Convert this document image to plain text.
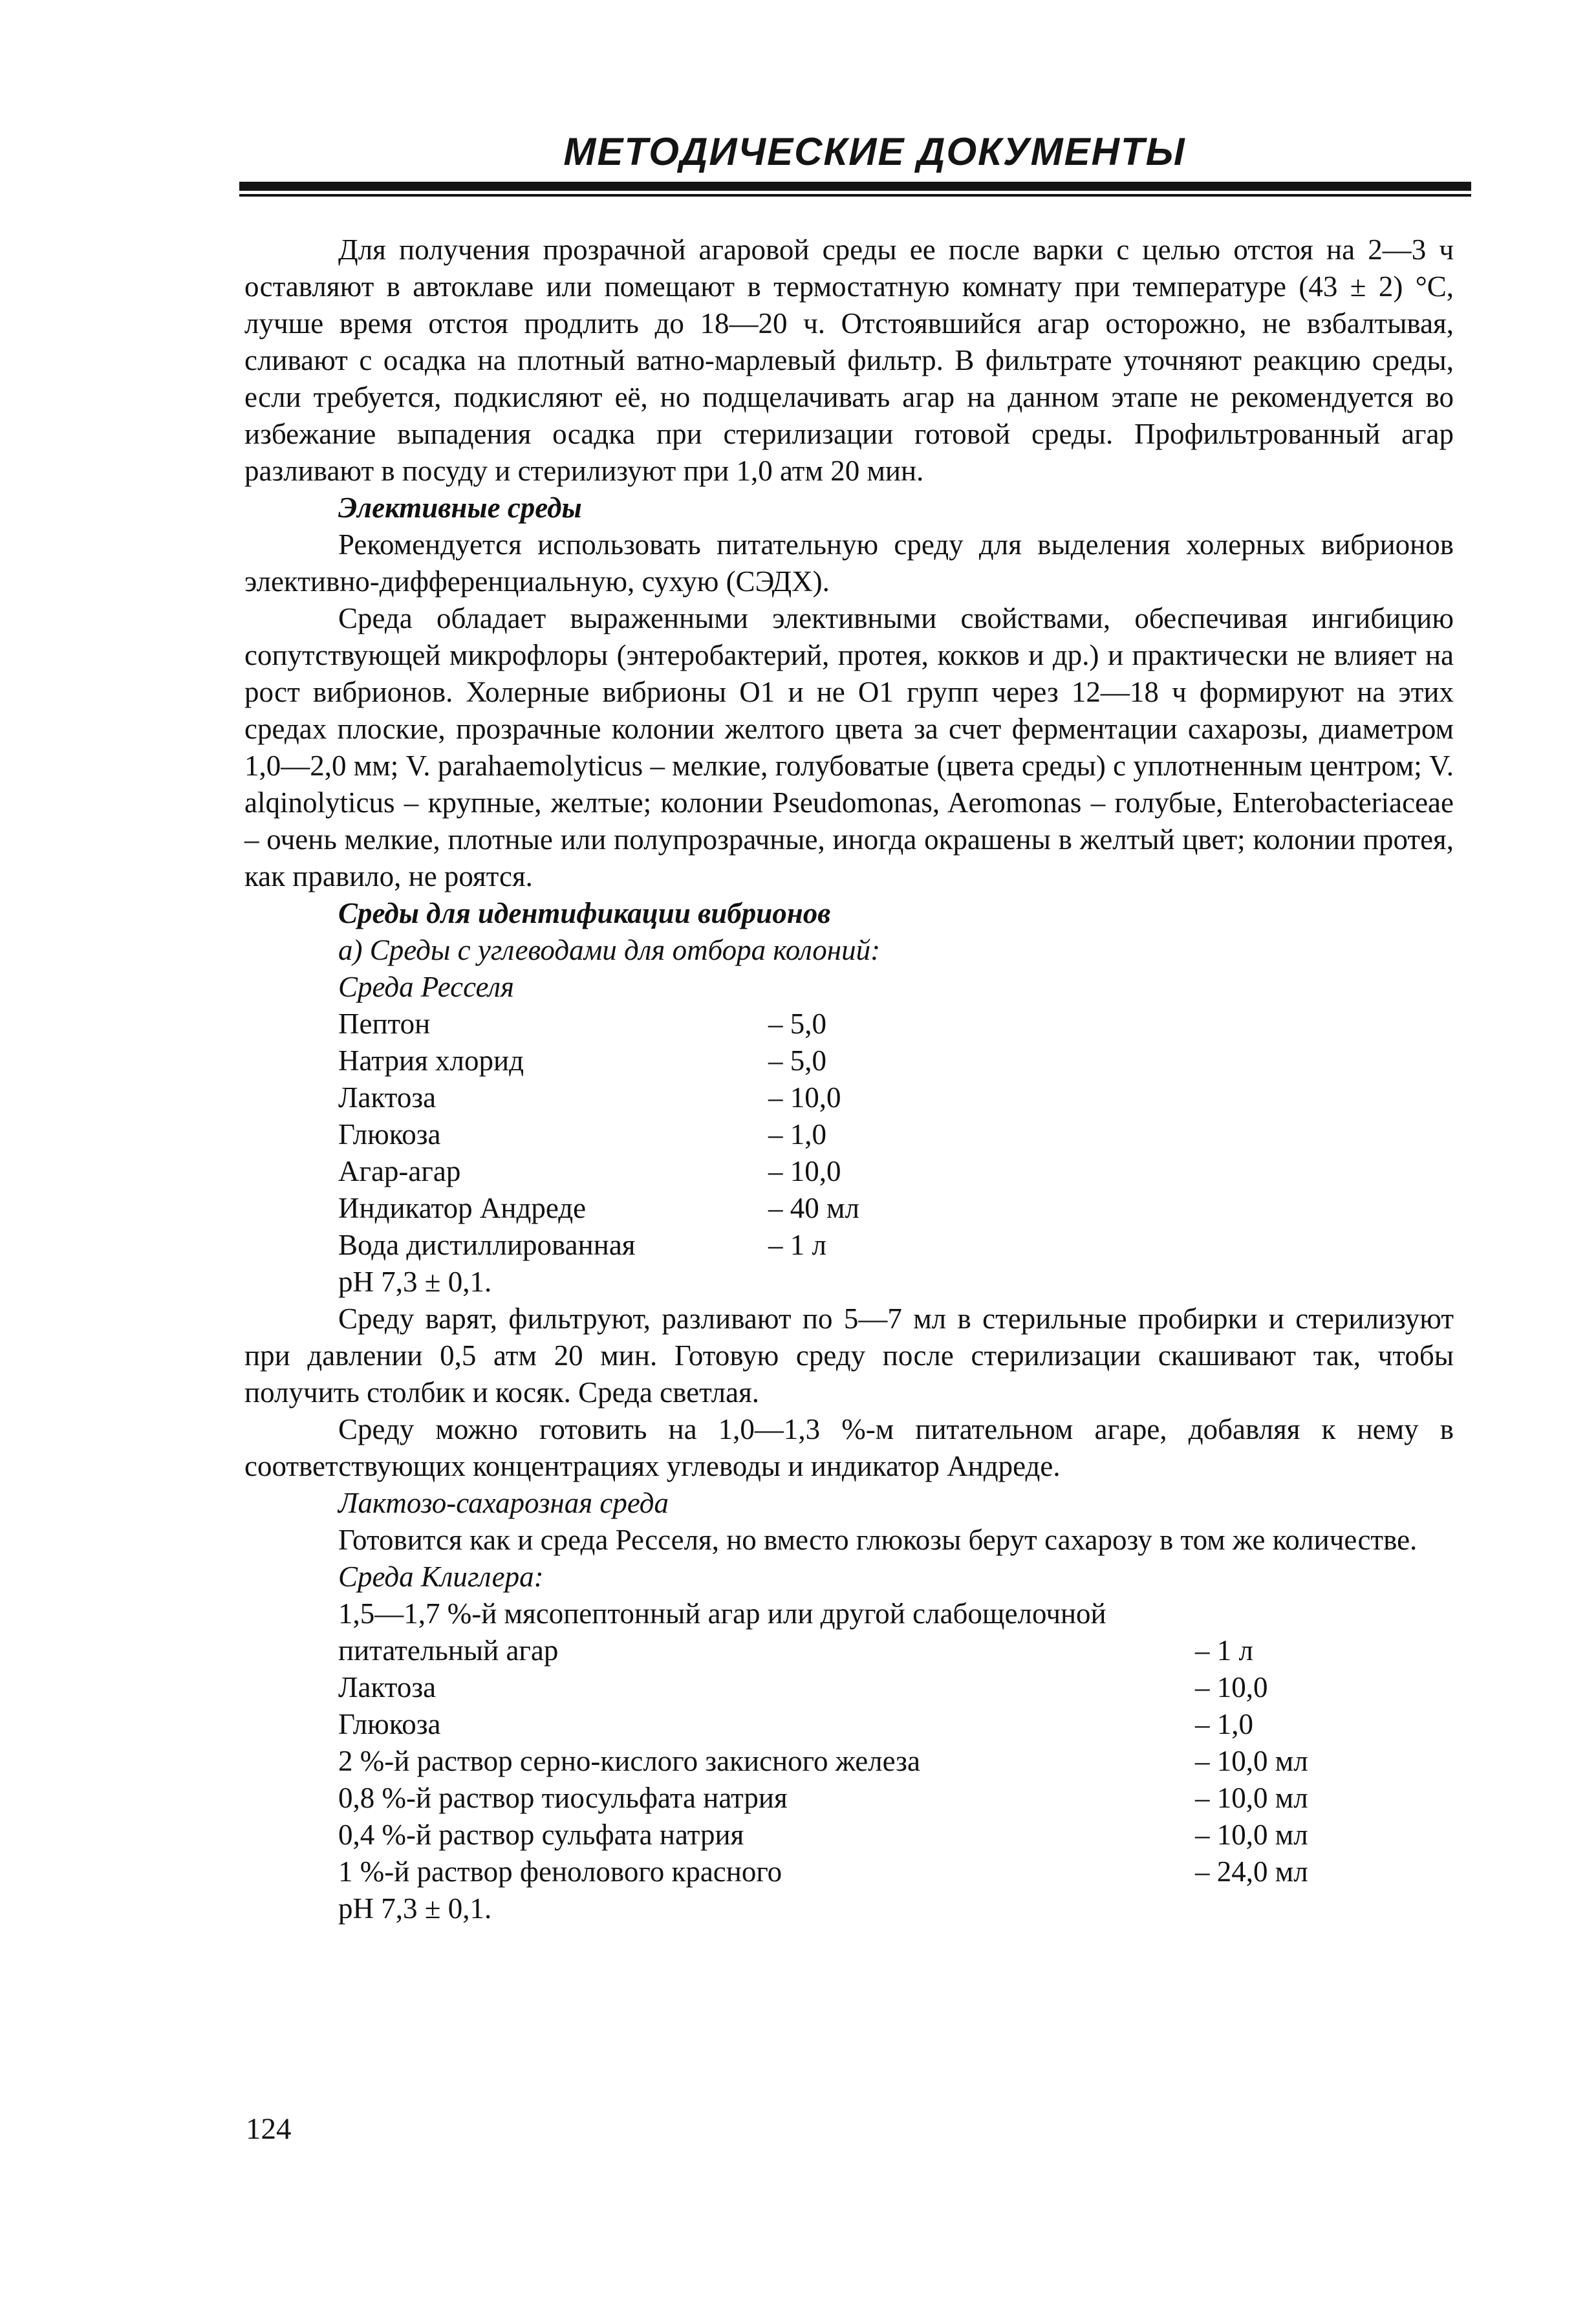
МЕТОДИЧЕСКИЕ ДОКУМЕНТЫ

Для получения прозрачной агаровой среды ее после варки с целью отстоя на 2—3 ч оставляют в автоклаве или помещают в термостатную комнату при температуре (43 ± 2) °С, лучше время отстоя продлить до 18—20 ч. Отстоявшийся агар осторожно, не взбалтывая, сливают с осадка на плотный ватно-марлевый фильтр. В фильтрате уточняют реакцию среды, если требуется, подкисляют её, но подщелачивать агар на данном этапе не рекомендуется во избежание выпадения осадка при стерилизации готовой среды. Профильтрованный агар разливают в посуду и стерилизуют при 1,0 атм 20 мин.

Элективные среды

Рекомендуется использовать питательную среду для выделения холерных вибрионов элективно-дифференциальную, сухую (СЭДХ).

Среда обладает выраженными элективными свойствами, обеспечивая ингибицию сопутствующей микрофлоры (энтеробактерий, протея, кокков и др.) и практически не влияет на рост вибрионов. Холерные вибрионы О1 и не О1 групп через 12—18 ч формируют на этих средах плоские, прозрачные колонии желтого цвета за счет ферментации сахарозы, диаметром 1,0—2,0 мм; V. parahaemolyticus – мелкие, голубоватые (цвета среды) с уплотненным центром; V. alqinolyticus – крупные, желтые; колонии Pseudomonas, Aeromonas – голубые, Enterobacteriaceae – очень мелкие, плотные или полупрозрачные, иногда окрашены в желтый цвет; колонии протея, как правило, не роятся.

Среды для идентификации вибрионов

а) Среды с углеводами для отбора колоний:

Среда Ресселя

Пептон	– 5,0
Натрия хлорид	– 5,0
Лактоза	– 10,0
Глюкоза	– 1,0
Агар-агар	– 10,0
Индикатор Андреде	– 40 мл
Вода дистиллированная	– 1 л

pH 7,3 ± 0,1.

Среду варят, фильтруют, разливают по 5—7 мл в стерильные пробирки и стерилизуют при давлении 0,5 атм 20 мин. Готовую среду после стерилизации скашивают так, чтобы получить столбик и косяк. Среда светлая.

Среду можно готовить на 1,0—1,3 %-м питательном агаре, добавляя к нему в соответствующих концентрациях углеводы и индикатор Андреде.

Лактозо-сахарозная среда

Готовится как и среда Ресселя, но вместо глюкозы берут сахарозу в том же количестве.

Среда Клиглера:

1,5—1,7 %-й мясопептонный агар или другой слабощелочной

питательный агар	– 1 л
Лактоза	– 10,0
Глюкоза	– 1,0
2 %-й раствор серно-кислого закисного железа	– 10,0 мл
0,8 %-й раствор тиосульфата натрия	– 10,0 мл
0,4 %-й раствор сульфата натрия	– 10,0 мл
1 %-й раствор фенолового красного	– 24,0 мл

pH 7,3 ± 0,1.

124
